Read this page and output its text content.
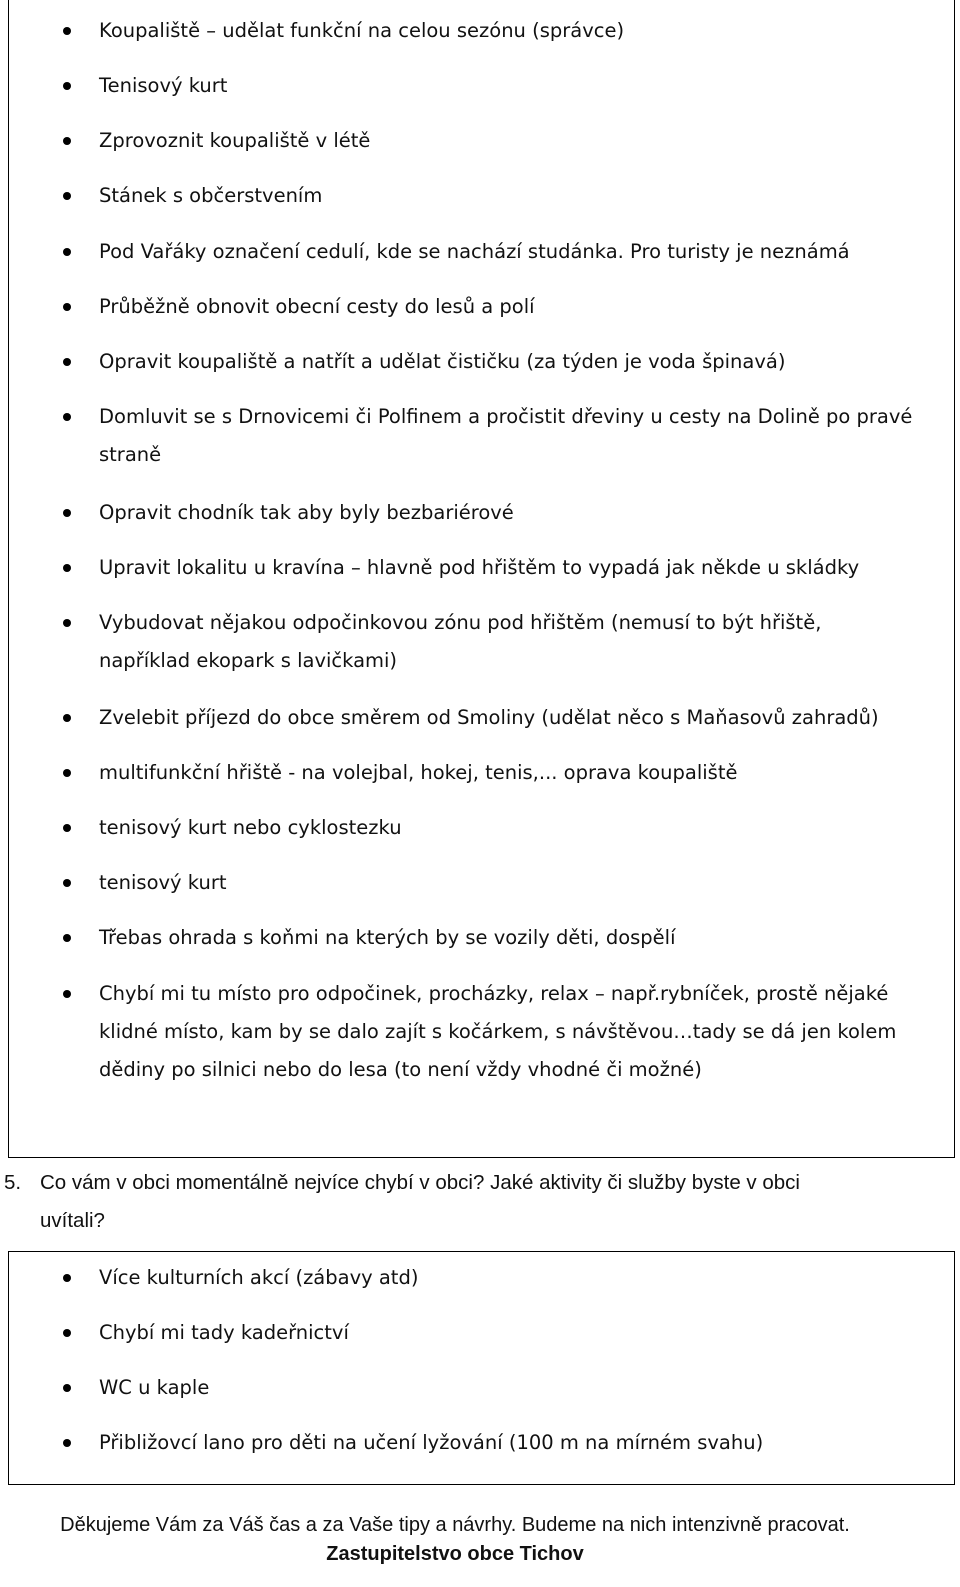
Koupaliště – udělat funkční na celou sezónu (správce)
Tenisový kurt
Zprovoznit koupaliště v létě
Stánek s občerstvením
Pod Vařáky označení cedulí, kde se nachází studánka. Pro turisty je neznámá
Průběžně obnovit obecní cesty do lesů a polí
Opravit koupaliště a natřít a udělat čističku (za týden je voda špinavá)
Domluvit se s Drnovicemi či Polfinem a pročistit dřeviny u cesty na Dolině po pravé
straně
Opravit chodník tak aby byly bezbariérové
Upravit lokalitu u kravína – hlavně pod hřištěm to vypadá jak někde u skládky
Vybudovat nějakou odpočinkovou zónu pod hřištěm (nemusí to být hřiště,
například ekopark s lavičkami)
Zvelebit příjezd do obce směrem od Smoliny (udělat něco s Maňasovů zahradů)
multifunkční hřiště - na volejbal, hokej, tenis,... oprava koupaliště
tenisový kurt nebo cyklostezku
tenisový kurt
Třebas ohrada s koňmi na kterých by se vozily děti, dospělí
Chybí mi tu místo pro odpočinek, procházky, relax – např.rybníček, prostě nějaké
klidné místo, kam by se dalo zajít s kočárkem, s návštěvou…tady se dá jen kolem
dědiny po silnici nebo do lesa (to není vždy vhodné či možné)
5. Co vám v obci momentálně nejvíce chybí v obci? Jaké aktivity či služby byste v obci
uvítali?
Více kulturních akcí (zábavy atd)
Chybí mi tady kadeřnictví
WC u kaple
Přibližovcí lano pro děti na učení lyžování (100 m na mírném svahu)
Děkujeme Vám za Váš čas a za Vaše tipy a návrhy. Budeme na nich intenzivně pracovat.
Zastupitelstvo obce Tichov
